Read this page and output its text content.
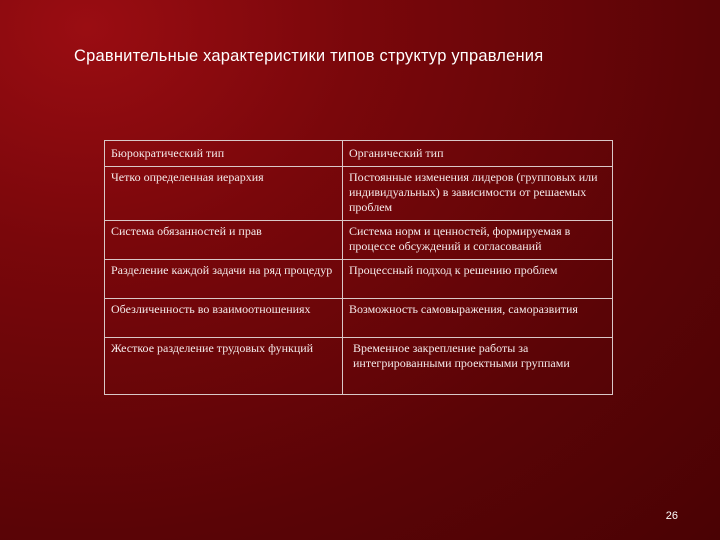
Сравнительные характеристики типов структур управления
Бюрократический тип	Органический тип
Четко определенная иерархия	Постоянные изменения лидеров (групповых или индивидуальных) в зависимости от решаемых проблем
Система обязанностей и прав	Система норм и ценностей, формируемая в процессе обсуждений и согласований
Разделение каждой задачи на ряд процедур	Процессный подход к решению проблем
Обезличенность во взаимоотношениях	Возможность самовыражения, саморазвития
Жесткое разделение трудовых функций	Временное закрепление работы за интегрированными проектными группами
26
